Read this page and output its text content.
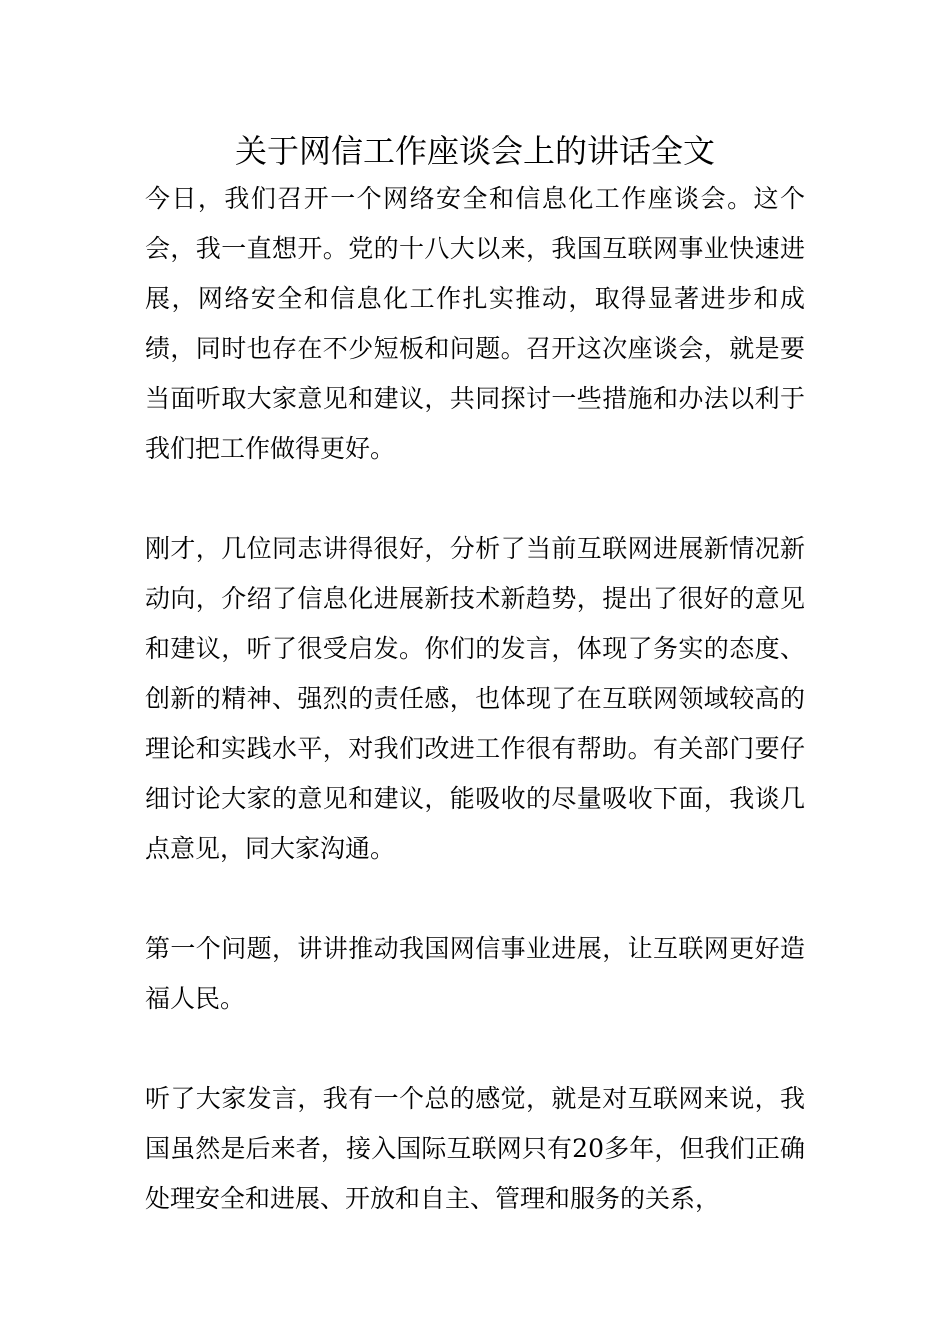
关于网信工作座谈会上的讲话全文

今日，我们召开一个网络安全和信息化工作座谈会。这个会，我一直想开。党的十八大以来，我国互联网事业快速进展，网络安全和信息化工作扎实推动，取得显著进步和成绩，同时也存在不少短板和问题。召开这次座谈会，就是要当面听取大家意见和建议，共同探讨一些措施和办法以利于我们把工作做得更好。

刚才，几位同志讲得很好，分析了当前互联网进展新情况新动向，介绍了信息化进展新技术新趋势，提出了很好的意见和建议，听了很受启发。你们的发言，体现了务实的态度、创新的精神、强烈的责任感，也体现了在互联网领域较高的理论和实践水平，对我们改进工作很有帮助。有关部门要仔细讨论大家的意见和建议，能吸收的尽量吸收下面，我谈几点意见，同大家沟通。

第一个问题，讲讲推动我国网信事业进展，让互联网更好造福人民。

听了大家发言，我有一个总的感觉，就是对互联网来说，我国虽然是后来者，接入国际互联网只有20多年，但我们正确处理安全和进展、开放和自主、管理和服务的关系，
